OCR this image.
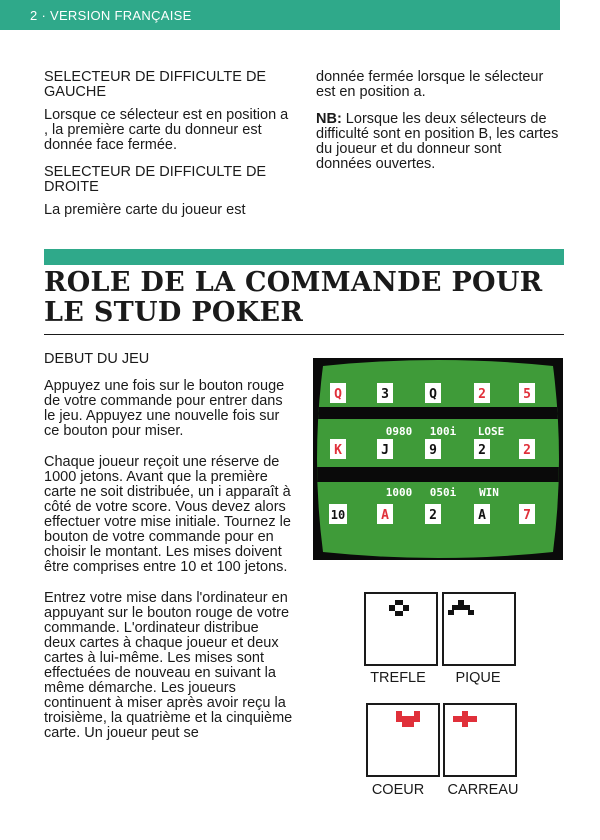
2 · VERSION FRANÇAISE
SELECTEUR DE DIFFICULTE DE GAUCHE

Lorsque ce sélecteur est en position a , la première carte du donneur est donnée face fermée.

SELECTEUR DE DIFFICULTE DE DROITE

La première carte du joueur est

donnée fermée lorsque le sélecteur est en position a.

NB: Lorsque les deux sélecteurs de difficulté sont en position B, les cartes du joueur et du donneur sont données ouvertes.

ROLE DE LA COMMANDE POUR LE STUD POKER
DEBUT DU JEU

Appuyez une fois sur le bouton rouge de votre commande pour entrer dans le jeu. Appuyez une nouvelle fois sur ce bouton pour miser.

Chaque joueur reçoit une réserve de 1000 jetons. Avant que la première carte ne soit distribuée, un i apparaît à côté de votre score. Vous devez alors effectuer votre mise initiale. Tournez le bouton de votre commande pour en choisir le montant. Les mises doivent être comprises entre 10 et 100 jetons.

Entrez votre mise dans l'ordinateur en appuyant sur le bouton rouge de votre commande. L'ordinateur distribue deux cartes à chaque joueur et deux cartes à lui-même. Les mises sont effectuées de nouveau en suivant la même démarche. Les joueurs continuent à miser après avoir reçu la troisième, la quatrième et la cinquième carte. Un joueur peut se

Q	3	Q	2	5
0980 100i LOSE
K	J	9	2	2
1000 050i WIN
10	A	2	A	7
TREFLE	PIQUE
COEUR	CARREAU
